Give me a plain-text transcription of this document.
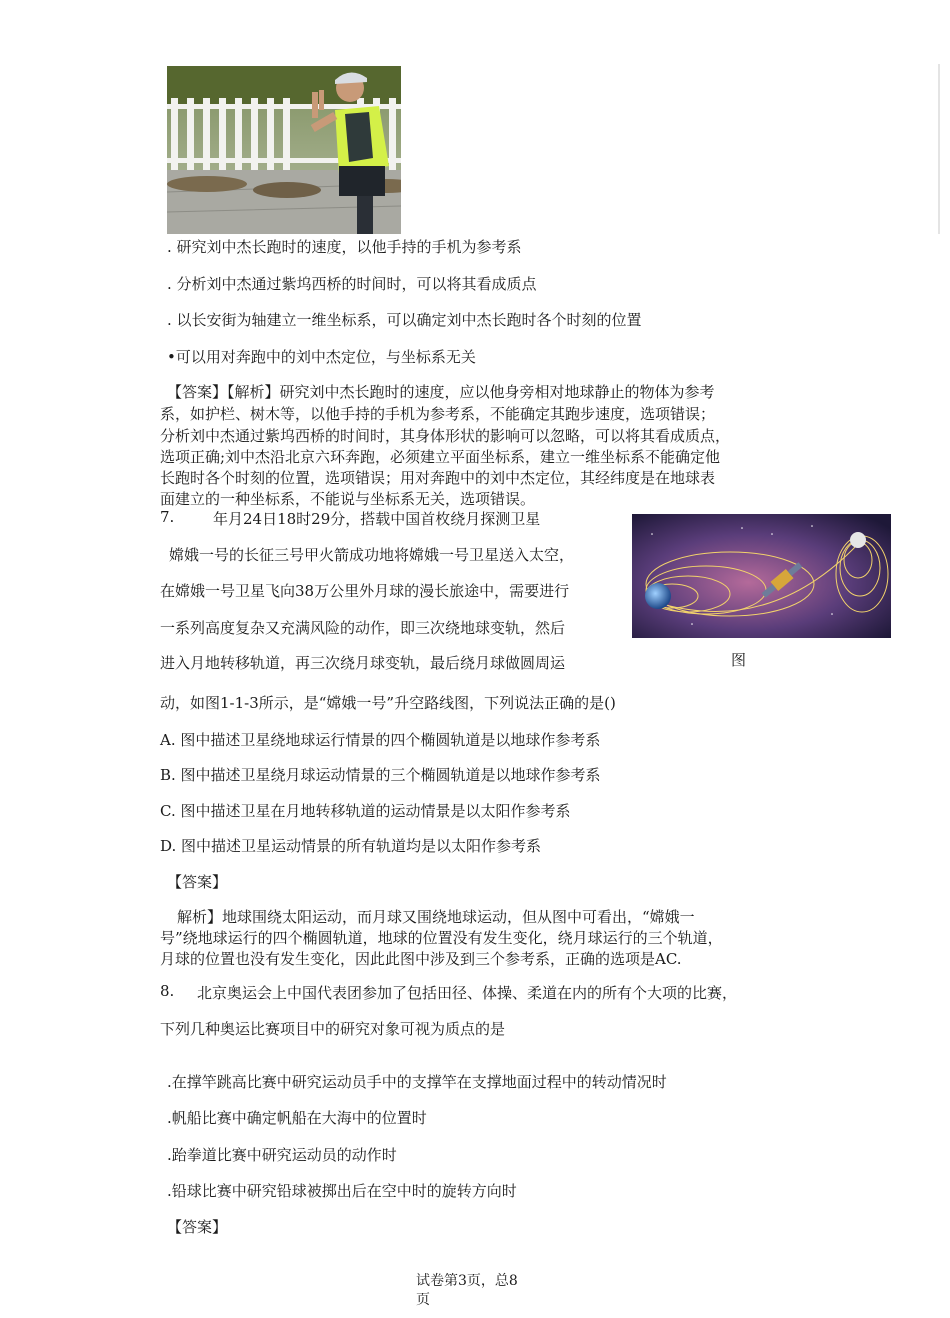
. 研究刘中杰长跑时的速度，以他手持的手机为参考系
. 分析刘中杰通过紫坞西桥的时间时，可以将其看成质点
. 以长安街为轴建立一维坐标系，可以确定刘中杰长跑时各个时刻的位置
•可以用对奔跑中的刘中杰定位，与坐标系无关
【答案】【解析】研究刘中杰长跑时的速度，应以他身旁相对地球静止的物体为参考
系，如护栏、树木等，以他手持的手机为参考系，不能确定其跑步速度，选项错误；
分析刘中杰通过紫坞西桥的时间时，其身体形状的影响可以忽略，可以将其看成质点，
选项正确;刘中杰沿北京六环奔跑，必须建立平面坐标系，建立一维坐标系不能确定他
长跑时各个时刻的位置，选项错误；用对奔跑中的刘中杰定位，其经纬度是在地球表
面建立的一种坐标系，不能说与坐标系无关，选项错误。
7.	年月24日18时29分，搭载中国首枚绕月探测卫星
嫦娥一号的长征三号甲火箭成功地将嫦娥一号卫星送入太空，
在嫦娥一号卫星飞向38万公里外月球的漫长旅途中，需要进行
一系列高度复杂又充满风险的动作，即三次绕地球变轨，然后
进入月地转移轨道，再三次绕月球变轨，最后绕月球做圆周运
动，如图1-1-3所示，是“嫦娥一号”升空路线图，下列说法正确的是()
图
A. 图中描述卫星绕地球运行情景的四个椭圆轨道是以地球作参考系
B. 图中描述卫星绕月球运动情景的三个椭圆轨道是以地球作参考系
C. 图中描述卫星在月地转移轨道的运动情景是以太阳作参考系
D. 图中描述卫星运动情景的所有轨道均是以太阳作参考系
【答案】
解析】地球围绕太阳运动，而月球又围绕地球运动，但从图中可看出，“嫦娥一
号”绕地球运行的四个椭圆轨道，地球的位置没有发生变化，绕月球运行的三个轨道，
月球的位置也没有发生变化，因此此图中涉及到三个参考系，正确的选项是AC.
8. 北京奥运会上中国代表团参加了包括田径、体操、柔道在内的所有个大项的比赛，
下列几种奥运比赛项目中的研究对象可视为质点的是
.在撑竿跳高比赛中研究运动员手中的支撑竿在支撑地面过程中的转动情况时
.帆船比赛中确定帆船在大海中的位置时
.跆拳道比赛中研究运动员的动作时
.铅球比赛中研究铅球被掷出后在空中时的旋转方向时
【答案】
试卷第3页，总8
页
